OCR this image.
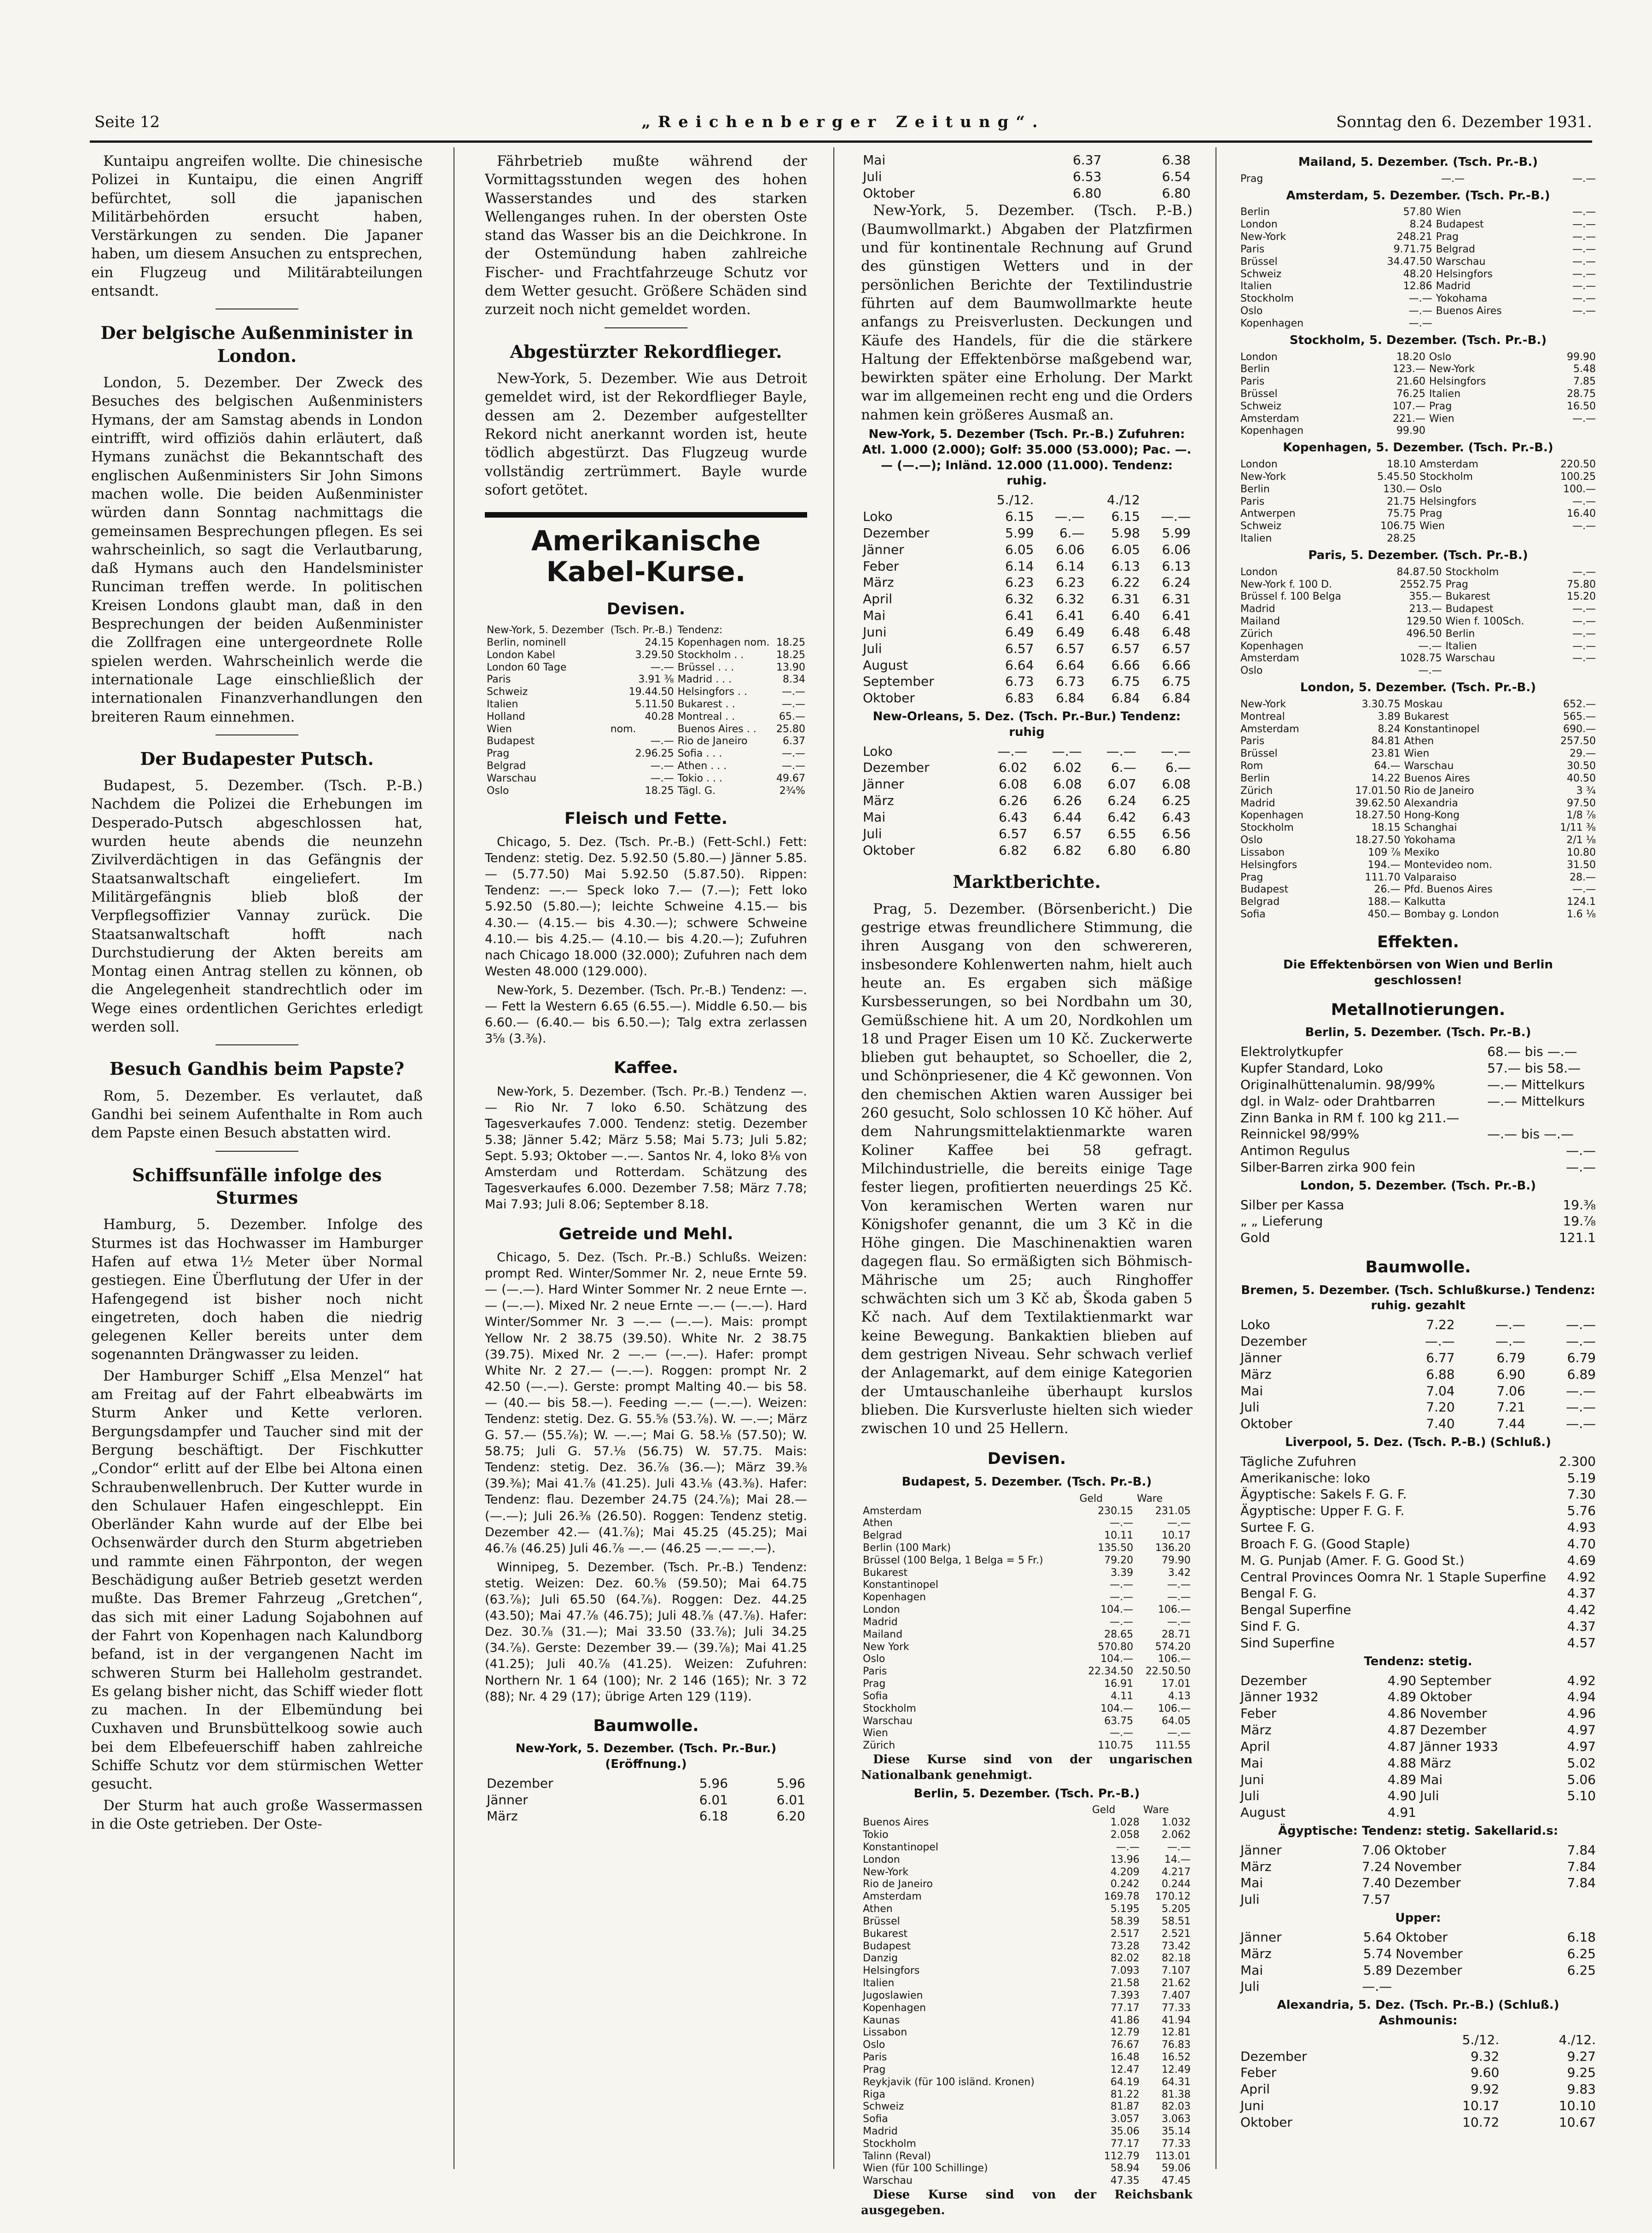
Seite 12	„Reichenberger Zeitung“.	Sonntag den 6. Dezember 1931.

Kuntaipu angreifen wollte. Die chinesische Polizei in Kuntaipu, die einen Angriff befürchtet, soll die japanischen Militärbehörden ersucht haben, Verstärkungen zu senden. Die Japaner haben, um diesem Ansuchen zu entsprechen, ein Flugzeug und Militärabteilungen entsandt.

Der belgische Außenminister in London.

London, 5. Dezember. Der Zweck des Besuches des belgischen Außenministers Hymans, der am Samstag abends in London eintrifft, wird offiziös dahin erläutert, daß Hymans zunächst die Bekanntschaft des englischen Außenministers Sir John Simons machen wolle. Die beiden Außenminister würden dann Sonntag nachmittags die gemeinsamen Besprechungen pflegen. Es sei wahrscheinlich, so sagt die Verlautbarung, daß Hymans auch den Handelsminister Runciman treffen werde. In politischen Kreisen Londons glaubt man, daß in den Besprechungen der beiden Außenminister die Zollfragen eine untergeordnete Rolle spielen werden. Wahrscheinlich werde die internationale Lage einschließlich der internationalen Finanzverhandlungen den breiteren Raum einnehmen.

Der Budapester Putsch.

Budapest, 5. Dezember. (Tsch. P.-B.) Nachdem die Polizei die Erhebungen im Desperado-Putsch abgeschlossen hat, wurden heute abends die neunzehn Zivilverdächtigen in das Gefängnis der Staatsanwaltschaft eingeliefert. Im Militärgefängnis blieb bloß der Verpflegsoffizier Vannay zurück. Die Staatsanwaltschaft hofft nach Durchstudierung der Akten bereits am Montag einen Antrag stellen zu können, ob die Angelegenheit standrechtlich oder im Wege eines ordentlichen Gerichtes erledigt werden soll.

Besuch Gandhis beim Papste?

Rom, 5. Dezember. Es verlautet, daß Gandhi bei seinem Aufenthalte in Rom auch dem Papste einen Besuch abstatten wird.

Schiffsunfälle infolge des Sturmes

Hamburg, 5. Dezember. Infolge des Sturmes ist das Hochwasser im Hamburger Hafen auf etwa 1½ Meter über Normal gestiegen. Eine Überflutung der Ufer in der Hafengegend ist bisher noch nicht eingetreten, doch haben die niedrig gelegenen Keller bereits unter dem sogenannten Drängwasser zu leiden.

Der Hamburger Schiff „Elsa Menzel“ hat am Freitag auf der Fahrt elbeabwärts im Sturm Anker und Kette verloren. Bergungsdampfer und Taucher sind mit der Bergung beschäftigt. Der Fischkutter „Condor“ erlitt auf der Elbe bei Altona einen Schraubenwellenbruch. Der Kutter wurde in den Schulauer Hafen eingeschleppt. Ein Oberländer Kahn wurde auf der Elbe bei Ochsenwärder durch den Sturm abgetrieben und rammte einen Fährponton, der wegen Beschädigung außer Betrieb gesetzt werden mußte. Das Bremer Fahrzeug „Gretchen“, das sich mit einer Ladung Sojabohnen auf der Fahrt von Kopenhagen nach Kalundborg befand, ist in der vergangenen Nacht im schweren Sturm bei Halleholm gestrandet. Es gelang bisher nicht, das Schiff wieder flott zu machen. In der Elbemündung bei Cuxhaven und Brunsbüttelkoog sowie auch bei dem Elbefeuerschiff haben zahlreiche Schiffe Schutz vor dem stürmischen Wetter gesucht.

Der Sturm hat auch große Wassermassen in die Oste getrieben. Der Oste-

Fährbetrieb mußte während der Vormittagsstunden wegen des hohen Wasserstandes und des starken Wellenganges ruhen. In der obersten Oste stand das Wasser bis an die Deichkrone. In der Ostemündung haben zahlreiche Fischer- und Frachtfahrzeuge Schutz vor dem Wetter gesucht. Größere Schäden sind zurzeit noch nicht gemeldet worden.

Abgestürzter Rekordflieger.

New-York, 5. Dezember. Wie aus Detroit gemeldet wird, ist der Rekordflieger Bayle, dessen am 2. Dezember aufgestellter Rekord nicht anerkannt worden ist, heute tödlich abgestürzt. Das Flugzeug wurde vollständig zertrümmert. Bayle wurde sofort getötet.

Amerikanische Kabel-Kurse.
Devisen.
New-York, 5. Dezember	(Tsch. Pr.-B.)	Tendenz:	
Berlin, nominell	24.15	Kopenhagen nom.	18.25
London Kabel	3.29.50	Stockholm . .	18.25
London 60 Tage	—.—	Brüssel . . .	13.90
Paris	3.91 ⅜	Madrid . . .	8.34
Schweiz	19.44.50	Helsingfors . .	—.—
Italien	5.11.50	Bukarest . .	—.—
Holland	40.28	Montreal . .	65.—
Wien	nom.	Buenos Aires . .	25.80
Budapest	—.—	Rio de Janeiro	6.37
Prag	2.96.25	Sofia . . .	—.—
Belgrad	—.—	Athen . . .	—.—
Warschau	—.—	Tokio . . .	49.67
Oslo	18.25	Tägl. G.	2¾%
Fleisch und Fette.

Chicago, 5. Dez. (Tsch. Pr.-B.) (Fett-Schl.) Fett: Tendenz: stetig. Dez. 5.92.50 (5.80.—) Jänner 5.85.— (5.77.50) Mai 5.92.50 (5.87.50). Rippen: Tendenz: —.— Speck loko 7.— (7.—); Fett loko 5.92.50 (5.80.—); leichte Schweine 4.15.— bis 4.30.— (4.15.— bis 4.30.—); schwere Schweine 4.10.— bis 4.25.— (4.10.— bis 4.20.—); Zufuhren nach Chicago 18.000 (32.000); Zufuhren nach dem Westen 48.000 (129.000).

New-York, 5. Dezember. (Tsch. Pr.-B.) Tendenz: —.— Fett la Western 6.65 (6.55.—). Middle 6.50.— bis 6.60.— (6.40.— bis 6.50.—); Talg extra zerlassen 3⅝ (3.⅜).

Kaffee.

New-York, 5. Dezember. (Tsch. Pr.-B.) Tendenz —.— Rio Nr. 7 loko 6.50. Schätzung des Tagesverkaufes 7.000. Tendenz: stetig. Dezember 5.38; Jänner 5.42; März 5.58; Mai 5.73; Juli 5.82; Sept. 5.93; Oktober —.—. Santos Nr. 4, loko 8⅛ von Amsterdam und Rotterdam. Schätzung des Tagesverkaufes 6.000. Dezember 7.58; März 7.78; Mai 7.93; Juli 8.06; September 8.18.

Getreide und Mehl.

Chicago, 5. Dez. (Tsch. Pr.-B.) Schlußs. Weizen: prompt Red. Winter/Sommer Nr. 2, neue Ernte 59.— (—.—). Hard Winter Sommer Nr. 2 neue Ernte —.— (—.—). Mixed Nr. 2 neue Ernte —.— (—.—). Hard Winter/Sommer Nr. 3 —.— (—.—). Mais: prompt Yellow Nr. 2 38.75 (39.50). White Nr. 2 38.75 (39.75). Mixed Nr. 2 —.— (—.—). Hafer: prompt White Nr. 2 27.— (—.—). Roggen: prompt Nr. 2 42.50 (—.—). Gerste: prompt Malting 40.— bis 58.— (40.— bis 58.—). Feeding —.— (—.—). Weizen: Tendenz: stetig. Dez. G. 55.⅝ (53.⅞). W. —.—; März G. 57.— (55.⅞); W. —.—; Mai G. 58.⅛ (57.50); W. 58.75; Juli G. 57.⅛ (56.75) W. 57.75. Mais: Tendenz: stetig. Dez. 36.⅞ (36.—); März 39.⅜ (39.⅜); Mai 41.⅞ (41.25). Juli 43.⅛ (43.⅜). Hafer: Tendenz: flau. Dezember 24.75 (24.⅞); Mai 28.— (—.—); Juli 26.⅜ (26.50). Roggen: Tendenz stetig. Dezember 42.— (41.⅞); Mai 45.25 (45.25); Mai 46.⅞ (46.25) Juli 46.⅞ —.— (46.25 —.— —.—).

Winnipeg, 5. Dezember. (Tsch. Pr.-B.) Tendenz: stetig. Weizen: Dez. 60.⅝ (59.50); Mai 64.75 (63.⅞); Juli 65.50 (64.⅞). Roggen: Dez. 44.25 (43.50); Mai 47.⅞ (46.75); Juli 48.⅞ (47.⅞). Hafer: Dez. 30.⅞ (31.—); Mai 33.50 (33.⅞); Juli 34.25 (34.⅞). Gerste: Dezember 39.— (39.⅞); Mai 41.25 (41.25); Juli 40.⅞ (41.25). Weizen: Zufuhren: Northern Nr. 1 64 (100); Nr. 2 146 (165); Nr. 3 72 (88); Nr. 4 29 (17); übrige Arten 129 (119).

Baumwolle.
New-York, 5. Dezember. (Tsch. Pr.-Bur.) (Eröffnung.)
Dezember	5.96	5.96
Jänner	6.01	6.01
März	6.18	6.20
Mai	6.37	6.38
Juli	6.53	6.54
Oktober	6.80	6.80

New-York, 5. Dezember. (Tsch. P.-B.) (Baumwollmarkt.) Abgaben der Platzfirmen und für kontinentale Rechnung auf Grund des günstigen Wetters und in der persönlichen Berichte der Textilindustrie führten auf dem Baumwollmarkte heute anfangs zu Preisverlusten. Deckungen und Käufe des Handels, für die die stärkere Haltung der Effektenbörse maßgebend war, bewirkten später eine Erholung. Der Markt war im allgemeinen recht eng und die Orders nahmen kein größeres Ausmaß an.

New-York, 5. Dezember (Tsch. Pr.-B.) Zufuhren: Atl. 1.000 (2.000); Golf: 35.000 (53.000); Pac. —.— (—.—); Inländ. 12.000 (11.000). Tendenz: ruhig.
	5./12.		4./12	
Loko	6.15	—.—	6.15	—.—
Dezember	5.99	6.—	5.98	5.99
Jänner	6.05	6.06	6.05	6.06
Feber	6.14	6.14	6.13	6.13
März	6.23	6.23	6.22	6.24
April	6.32	6.32	6.31	6.31
Mai	6.41	6.41	6.40	6.41
Juni	6.49	6.49	6.48	6.48
Juli	6.57	6.57	6.57	6.57
August	6.64	6.64	6.66	6.66
September	6.73	6.73	6.75	6.75
Oktober	6.83	6.84	6.84	6.84
New-Orleans, 5. Dez. (Tsch. Pr.-Bur.) Tendenz: ruhig
Loko	—.—	—.—	—.—	—.—
Dezember	6.02	6.02	6.—	6.—
Jänner	6.08	6.08	6.07	6.08
März	6.26	6.26	6.24	6.25
Mai	6.43	6.44	6.42	6.43
Juli	6.57	6.57	6.55	6.56
Oktober	6.82	6.82	6.80	6.80
Marktberichte.

Prag, 5. Dezember. (Börsenbericht.) Die gestrige etwas freundlichere Stimmung, die ihren Ausgang von den schwereren, insbesondere Kohlenwerten nahm, hielt auch heute an. Es ergaben sich mäßige Kursbesserungen, so bei Nordbahn um 30, Gemüßschiene hit. A um 20, Nordkohlen um 18 und Prager Eisen um 10 Kč. Zuckerwerte blieben gut behauptet, so Schoeller, die 2, und Schönpriesener, die 4 Kč gewonnen. Von den chemischen Aktien waren Aussiger bei 260 gesucht, Solo schlossen 10 Kč höher. Auf dem Nahrungsmittelaktienmarkte waren Koliner Kaffee bei 58 gefragt. Milchindustrielle, die bereits einige Tage fester liegen, profitierten neuerdings 25 Kč. Von keramischen Werten waren nur Königshofer genannt, die um 3 Kč in die Höhe gingen. Die Maschinenaktien waren dagegen flau. So ermäßigten sich Böhmisch-Mährische um 25; auch Ringhoffer schwächten sich um 3 Kč ab, Škoda gaben 5 Kč nach. Auf dem Textilaktienmarkt war keine Bewegung. Bankaktien blieben auf dem gestrigen Niveau. Sehr schwach verlief der Anlagemarkt, auf dem einige Kategorien der Umtauschanleihe überhaupt kurslos blieben. Die Kursverluste hielten sich wieder zwischen 10 und 25 Hellern.

Devisen.
Budapest, 5. Dezember. (Tsch. Pr.-B.)
	Geld	Ware
Amsterdam	230.15	231.05
Athen	—.—	—.—
Belgrad	10.11	10.17
Berlin (100 Mark)	135.50	136.20
Brüssel (100 Belga, 1 Belga = 5 Fr.)	79.20	79.90
Bukarest	3.39	3.42
Konstantinopel	—.—	—.—
Kopenhagen	—.—	—.—
London	104.—	106.—
Madrid	—.—	—.—
Mailand	28.65	28.71
New York	570.80	574.20
Oslo	104.—	106.—
Paris	22.34.50	22.50.50
Prag	16.91	17.01
Sofia	4.11	4.13
Stockholm	104.—	106.—
Warschau	63.75	64.05
Wien	—.—	—.—
Zürich	110.75	111.55

Diese Kurse sind von der ungarischen Nationalbank genehmigt.

Berlin, 5. Dezember. (Tsch. Pr.-B.)
	Geld	Ware
Buenos Aires	1.028	1.032
Tokio	2.058	2.062
Konstantinopel	—.—	—.—
London	13.96	14.—
New-York	4.209	4.217
Rio de Janeiro	0.242	0.244
Amsterdam	169.78	170.12
Athen	5.195	5.205
Brüssel	58.39	58.51
Bukarest	2.517	2.521
Budapest	73.28	73.42
Danzig	82.02	82.18
Helsingfors	7.093	7.107
Italien	21.58	21.62
Jugoslawien	7.393	7.407
Kopenhagen	77.17	77.33
Kaunas	41.86	41.94
Lissabon	12.79	12.81
Oslo	76.67	76.83
Paris	16.48	16.52
Prag	12.47	12.49
Reykjavik (für 100 isländ. Kronen)	64.19	64.31
Riga	81.22	81.38
Schweiz	81.87	82.03
Sofia	3.057	3.063
Madrid	35.06	35.14
Stockholm	77.17	77.33
Talinn (Reval)	112.79	113.01
Wien (für 100 Schillinge)	58.94	59.06
Warschau	47.35	47.45

Diese Kurse sind von der Reichsbank ausgegeben.

Mailand, 5. Dezember. (Tsch. Pr.-B.)
Prag	—.—		—.—
Amsterdam, 5. Dezember. (Tsch. Pr.-B.)
Berlin	57.80	Wien	—.—
London	8.24	Budapest	—.—
New-York	248.21	Prag	—.—
Paris	9.71.75	Belgrad	—.—
Brüssel	34.47.50	Warschau	—.—
Schweiz	48.20	Helsingfors	—.—
Italien	12.86	Madrid	—.—
Stockholm	—.—	Yokohama	—.—
Oslo	—.—	Buenos Aires	—.—
Kopenhagen	—.—		
Stockholm, 5. Dezember. (Tsch. Pr.-B.)
London	18.20	Oslo	99.90
Berlin	123.—	New-York	5.48
Paris	21.60	Helsingfors	7.85
Brüssel	76.25	Italien	28.75
Schweiz	107.—	Prag	16.50
Amsterdam	221.—	Wien	—.—
Kopenhagen	99.90		
Kopenhagen, 5. Dezember. (Tsch. Pr.-B.)
London	18.10	Amsterdam	220.50
New-York	5.45.50	Stockholm	100.25
Berlin	130.—	Oslo	100.—
Paris	21.75	Helsingfors	—.—
Antwerpen	75.75	Prag	16.40
Schweiz	106.75	Wien	—.—
Italien	28.25		
Paris, 5. Dezember. (Tsch. Pr.-B.)
London	84.87.50	Stockholm	—.—
New-York f. 100 D.	2552.75	Prag	75.80
Brüssel f. 100 Belga	355.—	Bukarest	15.20
Madrid	213.—	Budapest	—.—
Mailand	129.50	Wien f. 100Sch.	—.—
Zürich	496.50	Berlin	—.—
Kopenhagen	—.—	Italien	—.—
Amsterdam	1028.75	Warschau	—.—
Oslo	—.—		
London, 5. Dezember. (Tsch. Pr.-B.)
New-York	3.30.75	Moskau	652.—
Montreal	3.89	Bukarest	565.—
Amsterdam	8.24	Konstantinopel	690.—
Paris	84.81	Athen	257.50
Brüssel	23.81	Wien	29.—
Rom	64.—	Warschau	30.50
Berlin	14.22	Buenos Aires	40.50
Zürich	17.01.50	Rio de Janeiro	3 ¾
Madrid	39.62.50	Alexandria	97.50
Kopenhagen	18.27.50	Hong-Kong	1/8 ⅞
Stockholm	18.15	Schanghai	1/11 ⅜
Oslo	18.27.50	Yokohama	2/1 ⅛
Lissabon	109 ⅞	Mexiko	10.80
Helsingfors	194.—	Montevideo nom.	31.50
Prag	111.70	Valparaiso	28.—
Budapest	26.—	Pfd. Buenos Aires	—.—
Belgrad	188.—	Kalkutta	124.1
Sofia	450.—	Bombay g. London	1.6 ⅛
Effekten.
Die Effektenbörsen von Wien und Berlin geschlossen!
Metallnotierungen.
Berlin, 5. Dezember. (Tsch. Pr.-B.)
Elektrolytkupfer	68.— bis —.—
Kupfer Standard, Loko	57.— bis 58.—
Originalhüttenalumin. 98/99%	—.— Mittelkurs
dgl. in Walz- oder Drahtbarren	—.— Mittelkurs
Zinn Banka in RM f. 100 kg 211.—	
Reinnickel 98/99%	—.— bis —.—
Antimon Regulus	—.—
Silber-Barren zirka 900 fein	—.—
London, 5. Dezember. (Tsch. Pr.-B.)
Silber per Kassa	19.⅜
„ „ Lieferung	19.⅞
Gold	121.1
Baumwolle.
Bremen, 5. Dezember. (Tsch. Schlußkurse.) Tendenz: ruhig. gezahlt
Loko	7.22	—.—	—.—
Dezember	—.—	—.—	—.—
Jänner	6.77	6.79	6.79
März	6.88	6.90	6.89
Mai	7.04	7.06	—.—
Juli	7.20	7.21	—.—
Oktober	7.40	7.44	—.—
Liverpool, 5. Dez. (Tsch. P.-B.) (Schluß.)
Tägliche Zufuhren	2.300
Amerikanische: loko	5.19
Ägyptische: Sakels F. G. F.	7.30
Ägyptische: Upper F. G. F.	5.76
Surtee F. G.	4.93
Broach F. G. (Good Staple)	4.70
M. G. Punjab (Amer. F. G. Good St.)	4.69
Central Provinces Oomra Nr. 1 Staple Superfine	4.92
Bengal F. G.	4.37
Bengal Superfine	4.42
Sind F. G.	4.37
Sind Superfine	4.57
Tendenz: stetig.
Dezember	4.90	September	4.92
Jänner 1932	4.89	Oktober	4.94
Feber	4.86	November	4.96
März	4.87	Dezember	4.97
April	4.87	Jänner 1933	4.97
Mai	4.88	März	5.02
Juni	4.89	Mai	5.06
Juli	4.90	Juli	5.10
August	4.91		
Ägyptische: Tendenz: stetig. Sakellarid.s:
Jänner	7.06	Oktober	7.84
März	7.24	November	7.84
Mai	7.40	Dezember	7.84
Juli	7.57		
Upper:
Jänner	5.64	Oktober	6.18
März	5.74	November	6.25
Mai	5.89	Dezember	6.25
Juli	—.—		
Alexandria, 5. Dez. (Tsch. Pr.-B.) (Schluß.) Ashmounis:
	5./12.	4./12.
Dezember	9.32	9.27
Feber	9.60	9.25
April	9.92	9.83
Juni	10.17	10.10
Oktober	10.72	10.67
